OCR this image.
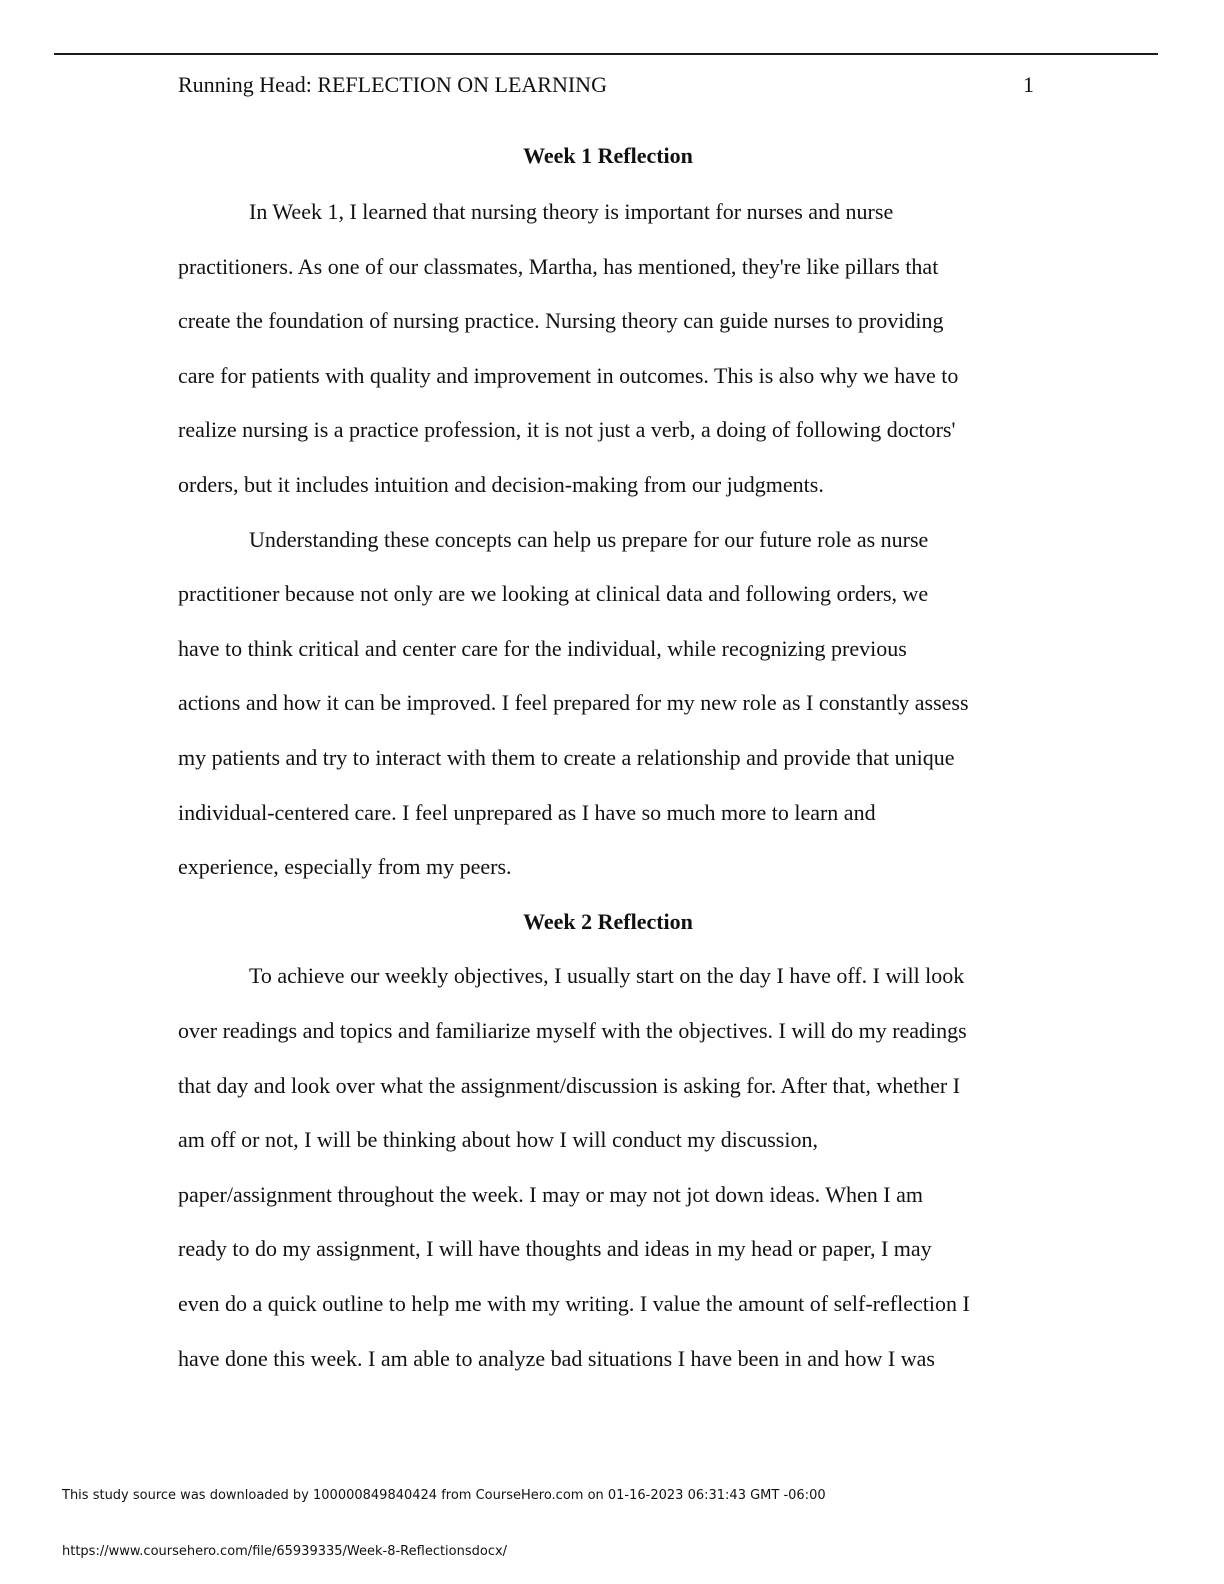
Running Head: REFLECTION ON LEARNING	1
Week 1 Reflection
In Week 1, I learned that nursing theory is important for nurses and nurse
practitioners. As one of our classmates, Martha, has mentioned, they're like pillars that
create the foundation of nursing practice. Nursing theory can guide nurses to providing
care for patients with quality and improvement in outcomes. This is also why we have to
realize nursing is a practice profession, it is not just a verb, a doing of following doctors'
orders, but it includes intuition and decision-making from our judgments.
Understanding these concepts can help us prepare for our future role as nurse
practitioner because not only are we looking at clinical data and following orders, we
have to think critical and center care for the individual, while recognizing previous
actions and how it can be improved. I feel prepared for my new role as I constantly assess
my patients and try to interact with them to create a relationship and provide that unique
individual-centered care. I feel unprepared as I have so much more to learn and
experience, especially from my peers.
Week 2 Reflection
To achieve our weekly objectives, I usually start on the day I have off. I will look
over readings and topics and familiarize myself with the objectives. I will do my readings
that day and look over what the assignment/discussion is asking for. After that, whether I
am off or not, I will be thinking about how I will conduct my discussion,
paper/assignment throughout the week. I may or may not jot down ideas. When I am
ready to do my assignment, I will have thoughts and ideas in my head or paper, I may
even do a quick outline to help me with my writing. I value the amount of self-reflection I
have done this week. I am able to analyze bad situations I have been in and how I was
This study source was downloaded by 100000849840424 from CourseHero.com on 01-16-2023 06:31:43 GMT -06:00
https://www.coursehero.com/file/65939335/Week-8-Reflectionsdocx/
